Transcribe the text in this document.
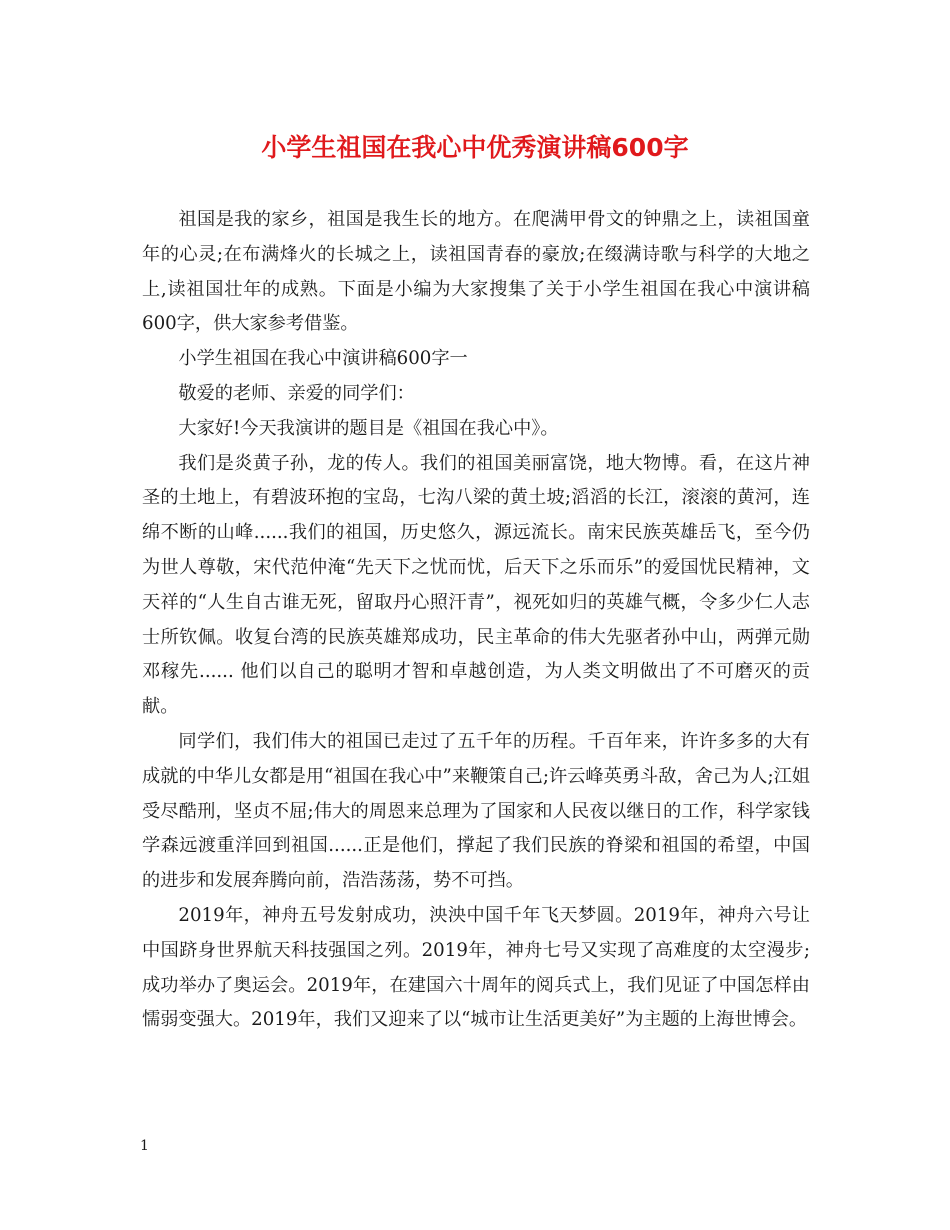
小学生祖国在我心中优秀演讲稿600字

祖国是我的家乡，祖国是我生长的地方。在爬满甲骨文的钟鼎之上，读祖国童年的心灵;在布满烽火的长城之上，读祖国青春的豪放;在缀满诗歌与科学的大地之上,读祖国壮年的成熟。下面是小编为大家搜集了关于小学生祖国在我心中演讲稿600字，供大家参考借鉴。

小学生祖国在我心中演讲稿600字一

敬爱的老师、亲爱的同学们：

大家好!今天我演讲的题目是《祖国在我心中》。

我们是炎黄子孙，龙的传人。我们的祖国美丽富饶，地大物博。看，在这片神圣的土地上，有碧波环抱的宝岛，七沟八梁的黄土坡;滔滔的长江，滚滚的黄河，连绵不断的山峰......我们的祖国，历史悠久，源远流长。南宋民族英雄岳飞，至今仍为世人尊敬，宋代范仲淹“先天下之忧而忧，后天下之乐而乐”的爱国忧民精神，文天祥的“人生自古谁无死，留取丹心照汗青”，视死如归的英雄气概，令多少仁人志士所钦佩。收复台湾的民族英雄郑成功，民主革命的伟大先驱者孙中山，两弹元勋邓稼先...... 他们以自己的聪明才智和卓越创造，为人类文明做出了不可磨灭的贡献。

同学们，我们伟大的祖国已走过了五千年的历程。千百年来，许许多多的大有成就的中华儿女都是用“祖国在我心中”来鞭策自己;许云峰英勇斗敌，舍己为人;江姐受尽酷刑，坚贞不屈;伟大的周恩来总理为了国家和人民夜以继日的工作，科学家钱学森远渡重洋回到祖国......正是他们，撑起了我们民族的脊梁和祖国的希望，中国的进步和发展奔腾向前，浩浩荡荡，势不可挡。

2019年，神舟五号发射成功，泱泱中国千年飞天梦圆。2019年，神舟六号让中国跻身世界航天科技强国之列。2019年，神舟七号又实现了高难度的太空漫步;成功举办了奥运会。2019年，在建国六十周年的阅兵式上，我们见证了中国怎样由懦弱变强大。2019年，我们又迎来了以“城市让生活更美好”为主题的上海世博会。

1
